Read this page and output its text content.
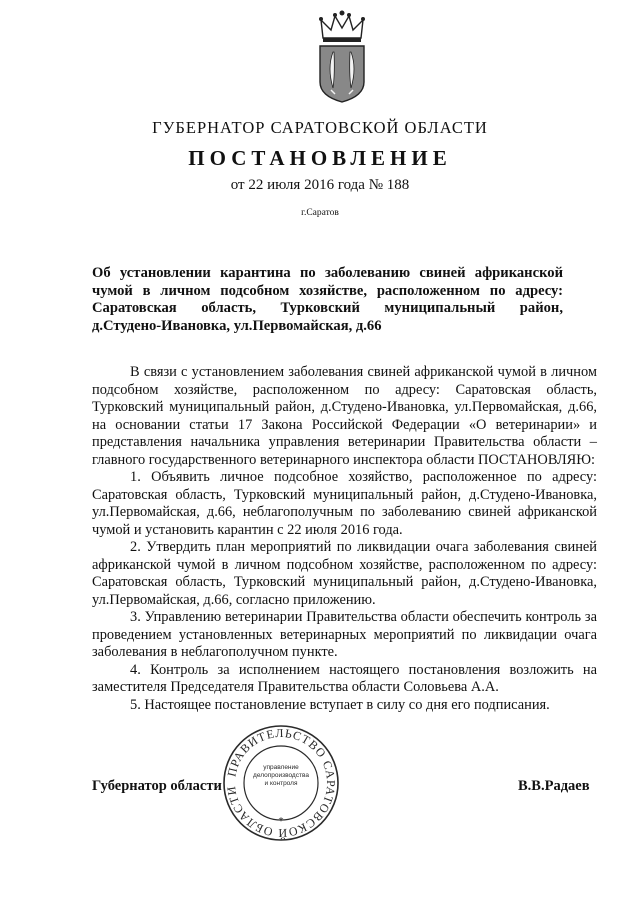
ГУБЕРНАТОР САРАТОВСКОЙ ОБЛАСТИ
ПОСТАНОВЛЕНИЕ
от 22 июля 2016 года № 188
г.Саратов
Об установлении карантина по заболеванию свиней африканской
чумой в личном подсобном хозяйстве, расположенном по адресу:
Саратовская область, Турковский муниципальный район,
д.Студено-Ивановка, ул.Первомайская, д.66
В связи с установлением заболевания свиней африканской чумой в личном подсобном хозяйстве, расположенном по адресу: Саратовская область, Турковский муниципальный район, д.Студено-Ивановка, ул.Первомайская, д.66, на основании статьи 17 Закона Российской Федерации «О ветеринарии» и представления начальника управления ветеринарии Правительства области – главного государственного ветеринарного инспектора области ПОСТАНОВЛЯЮ:
1. Объявить личное подсобное хозяйство, расположенное по адресу: Саратовская область, Турковский муниципальный район, д.Студено-Ивановка, ул.Первомайская, д.66, неблагополучным по заболеванию свиней африканской чумой и установить карантин с 22 июля 2016 года.
2. Утвердить план мероприятий по ликвидации очага заболевания свиней африканской чумой в личном подсобном хозяйстве, расположенном по адресу: Саратовская область, Турковский муниципальный район, д.Студено-Ивановка, ул.Первомайская, д.66, согласно приложению.
3. Управлению ветеринарии Правительства области обеспечить контроль за проведением установленных ветеринарных мероприятий по ликвидации очага заболевания в неблагополучном пункте.
4. Контроль за исполнением настоящего постановления возложить на заместителя Председателя Правительства области Соловьева А.А.
5. Настоящее постановление вступает в силу со дня его подписания.
Губернатор области	В.В.Радаев
ПРАВИТЕЛЬСТВО САРАТОВСКОЙ ОБЛАСТИ
управление делопроизводства и контроля
*
